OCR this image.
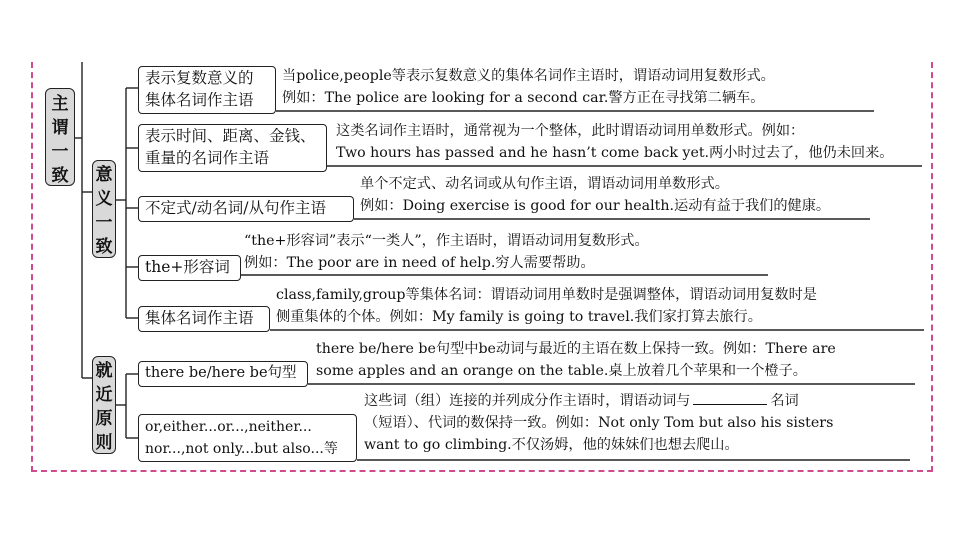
主谓一致 意义一致
就近原则
表示复数意义的
集体名词作主语
当police,people等表示复数意义的集体名词作主语时，谓语动词用复数形式。
例如：The police are looking for a second car.警方正在寻找第二辆车。
表示时间、距离、金钱、
重量的名词作主语
这类名词作主语时，通常视为一个整体，此时谓语动词用单数形式。例如：
Two hours has passed and he hasn’t come back yet.两小时过去了，他仍未回来。
不定式/动名词/从句作主语
单个不定式、动名词或从句作主语，谓语动词用单数形式。
例如：Doing exercise is good for our health.运动有益于我们的健康。
the+形容词
“the+形容词”表示“一类人”，作主语时，谓语动词用复数形式。
例如：The poor are in need of help.穷人需要帮助。
集体名词作主语
class,family,group等集体名词：谓语动词用单数时是强调整体，谓语动词用复数时是
侧重集体的个体。例如：My family is going to travel.我们家打算去旅行。
there be/here be句型
there be/here be句型中be动词与最近的主语在数上保持一致。例如：There are
some apples and an orange on the table.桌上放着几个苹果和一个橙子。
or,either...or...,neither...
nor...,not only...but also...等
这些词（组）连接的并列成分作主语时，谓语动词与	名词
（短语）、代词的数保持一致。例如：Not only Tom but also his sisters
want to go climbing.不仅汤姆，他的妹妹们也想去爬山。
